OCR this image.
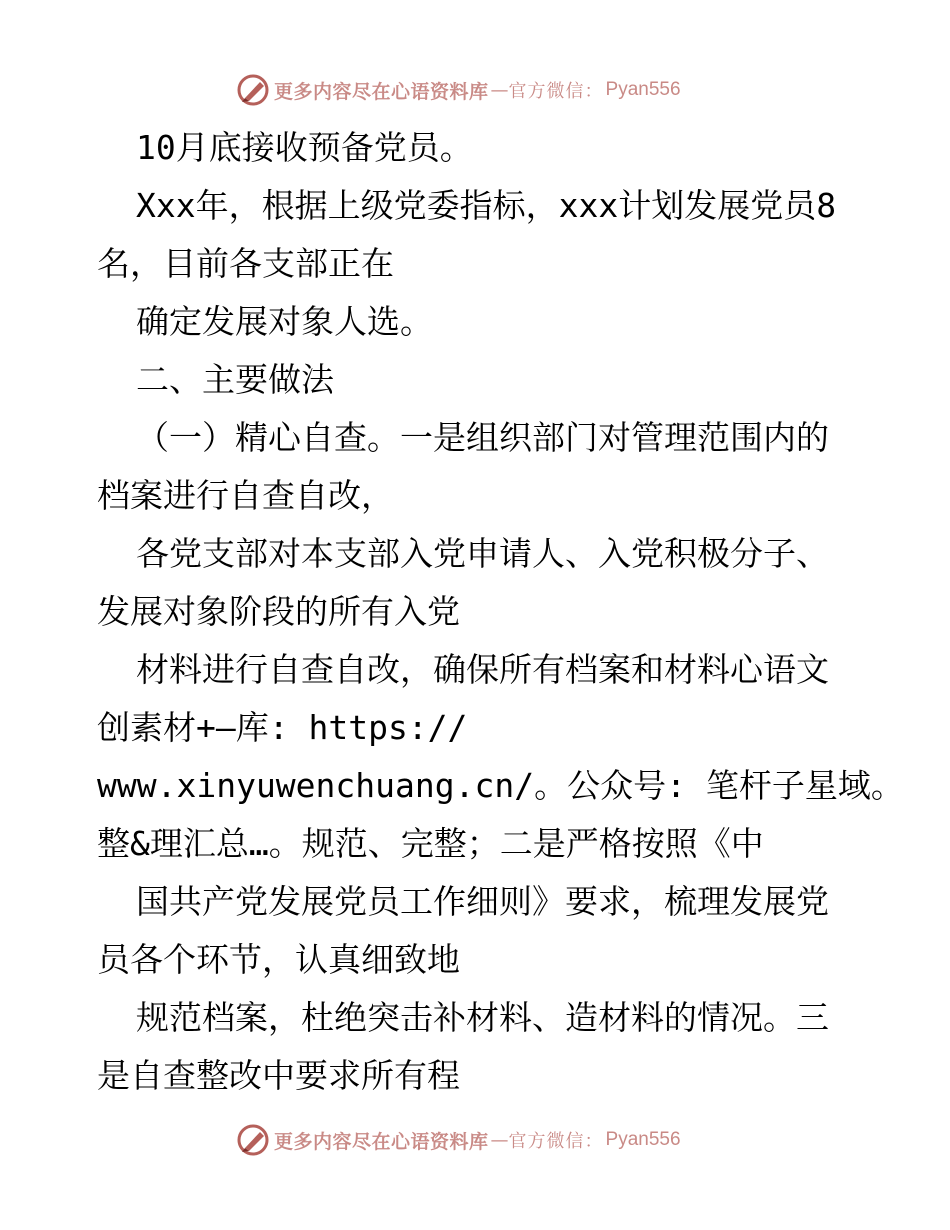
更多内容尽在心语资料库 — 官方微信： Pyan556

10月底接收预备党员。

Xxx年，根据上级党委指标，xxx计划发展党员8

名，目前各支部正在

确定发展对象人选。

二、主要做法

（一）精心自查。一是组织部门对管理范围内的

档案进行自查自改，

各党支部对本支部入党申请人、入党积极分子、

发展对象阶段的所有入党

材料进行自查自改，确保所有档案和材料心语文

创素材+—库: https://

www.xinyuwenchuang.cn/。公众号: 笔杆子星域。

整&理汇总…。规范、完整；二是严格按照《中

国共产党发展党员工作细则》要求，梳理发展党

员各个环节，认真细致地

规范档案，杜绝突击补材料、造材料的情况。三

是自查整改中要求所有程

更多内容尽在心语资料库 — 官方微信： Pyan556
